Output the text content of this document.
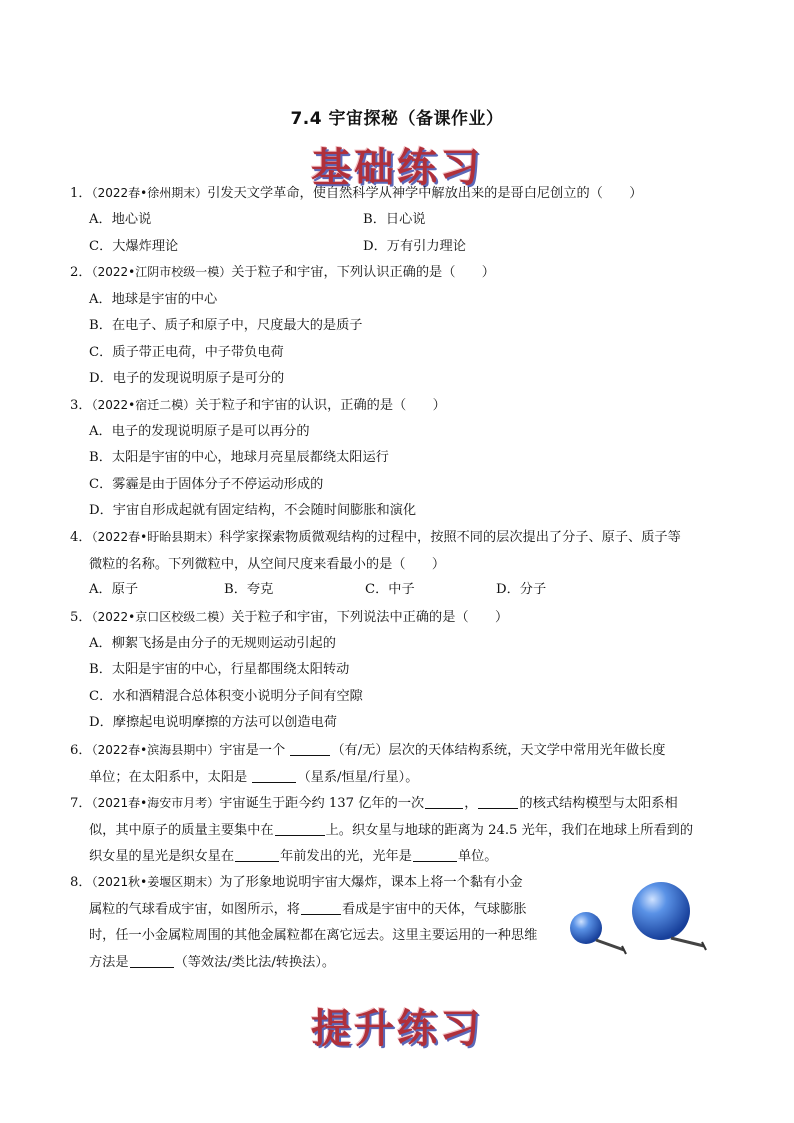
7.4 宇宙探秘（备课作业）
基础练习
1．（2022春•徐州期末）引发天文学革命，使自然科学从神学中解放出来的是哥白尼创立的（　　）
A．地心说	B．日心说
C．大爆炸理论	D．万有引力理论
2．（2022•江阴市校级一模）关于粒子和宇宙，下列认识正确的是（　　）
A．地球是宇宙的中心
B．在电子、质子和原子中，尺度最大的是质子
C．质子带正电荷，中子带负电荷
D．电子的发现说明原子是可分的
3．（2022•宿迁二模）关于粒子和宇宙的认识，正确的是（　　）
A．电子的发现说明原子是可以再分的
B．太阳是宇宙的中心，地球月亮星辰都绕太阳运行
C．雾霾是由于固体分子不停运动形成的
D．宇宙自形成起就有固定结构，不会随时间膨胀和演化
4．（2022春•盱眙县期末）科学家探索物质微观结构的过程中，按照不同的层次提出了分子、原子、质子等
微粒的名称。下列微粒中，从空间尺度来看最小的是（　　）
A．原子	B．夸克	C．中子	D．分子
5．（2022•京口区校级二模）关于粒子和宇宙，下列说法中正确的是（　　）
A．柳絮飞扬是由分子的无规则运动引起的
B．太阳是宇宙的中心，行星都围绕太阳转动
C．水和酒精混合总体积变小说明分子间有空隙
D．摩擦起电说明摩擦的方法可以创造电荷
6．（2022春•滨海县期中）宇宙是一个	（有/无）层次的天体结构系统，天文学中常用光年做长度
单位；在太阳系中，太阳是	（星系/恒星/行星）。
7．（2021春•海安市月考）宇宙诞生于距今约 137 亿年的一次	，	的核式结构模型与太阳系相
似，其中原子的质量主要集中在	上。织女星与地球的距离为 24.5 光年，我们在地球上所看到的
织女星的星光是织女星在	年前发出的光，光年是	单位。
8．（2021秋•姜堰区期末）为了形象地说明宇宙大爆炸，课本上将一个黏有小金
属粒的气球看成宇宙，如图所示，将	看成是宇宙中的天体，气球膨胀
时，任一小金属粒周围的其他金属粒都在离它远去。这里主要运用的一种思维
方法是	（等效法/类比法/转换法）。
提升练习
